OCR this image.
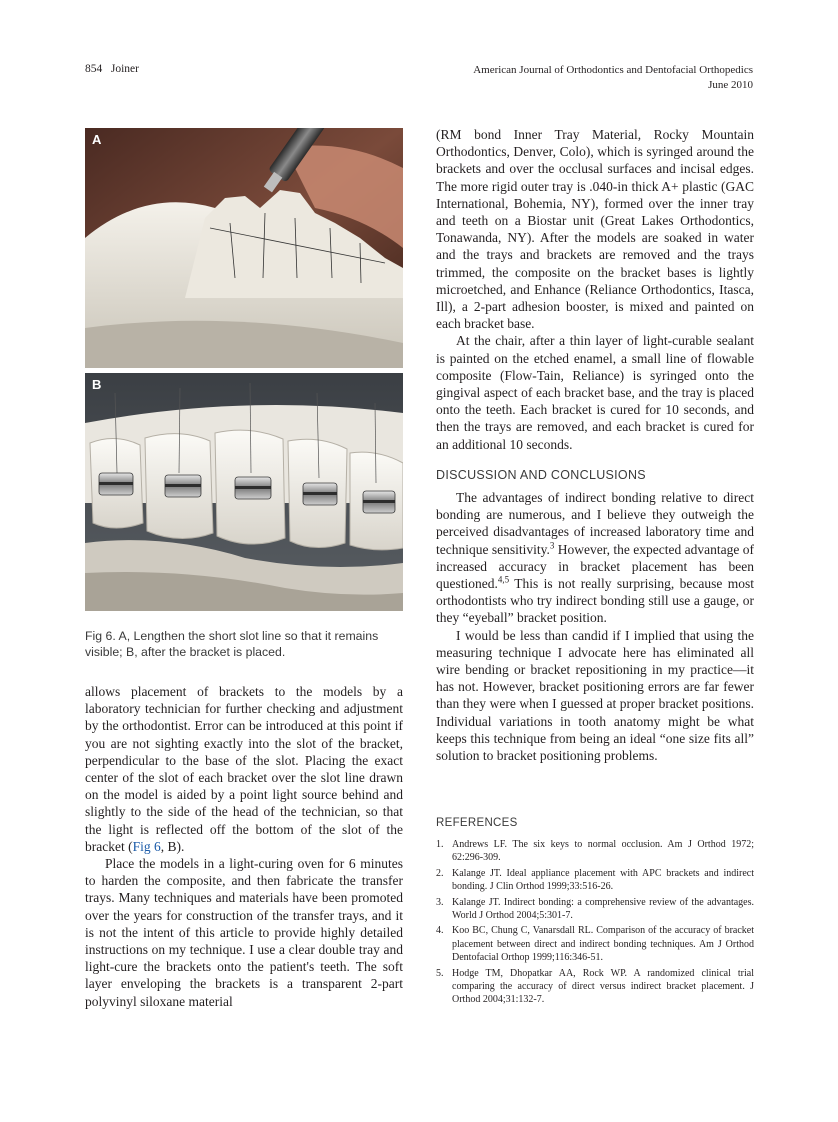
854 Joiner	American Journal of Orthodontics and Dentofacial Orthopedics
June 2010
A
B
Fig 6. A, Lengthen the short slot line so that it remains visible; B, after the bracket is placed.

allows placement of brackets to the models by a laboratory technician for further checking and adjustment by the orthodontist. Error can be introduced at this point if you are not sighting exactly into the slot of the bracket, perpendicular to the base of the slot. Placing the exact center of the slot of each bracket over the slot line drawn on the model is aided by a point light source behind and slightly to the side of the head of the technician, so that the light is reflected off the bottom of the slot of the bracket (Fig 6, B).

Place the models in a light-curing oven for 6 minutes to harden the composite, and then fabricate the transfer trays. Many techniques and materials have been promoted over the years for construction of the transfer trays, and it is not the intent of this article to provide highly detailed instructions on my technique. I use a clear double tray and light-cure the brackets onto the patient's teeth. The soft layer enveloping the brackets is a transparent 2-part polyvinyl siloxane material

(RM bond Inner Tray Material, Rocky Mountain Orthodontics, Denver, Colo), which is syringed around the brackets and over the occlusal surfaces and incisal edges. The more rigid outer tray is .040-in thick A+ plastic (GAC International, Bohemia, NY), formed over the inner tray and teeth on a Biostar unit (Great Lakes Orthodontics, Tonawanda, NY). After the models are soaked in water and the trays and brackets are removed and the trays trimmed, the composite on the bracket bases is lightly microetched, and Enhance (Reliance Orthodontics, Itasca, Ill), a 2-part adhesion booster, is mixed and painted on each bracket base.

At the chair, after a thin layer of light-curable sealant is painted on the etched enamel, a small line of flowable composite (Flow-Tain, Reliance) is syringed onto the gingival aspect of each bracket base, and the tray is placed onto the teeth. Each bracket is cured for 10 seconds, and then the trays are removed, and each bracket is cured for an additional 10 seconds.

DISCUSSION AND CONCLUSIONS

The advantages of indirect bonding relative to direct bonding are numerous, and I believe they outweigh the perceived disadvantages of increased laboratory time and technique sensitivity.$^3$ However, the expected advantage of increased accuracy in bracket placement has been questioned.$^{4,5}$ This is not really surprising, because most orthodontists who try indirect bonding still use a gauge, or they “eyeball” bracket position.

I would be less than candid if I implied that using the measuring technique I advocate here has eliminated all wire bending or bracket repositioning in my practice—it has not. However, bracket positioning errors are far fewer than they were when I guessed at proper bracket positions. Individual variations in tooth anatomy might be what keeps this technique from being an ideal “one size fits all” solution to bracket positioning problems.

REFERENCES
1. Andrews LF. The six keys to normal occlusion. Am J Orthod 1972; 62:296-309.
2. Kalange JT. Ideal appliance placement with APC brackets and indirect bonding. J Clin Orthod 1999;33:516-26.
3. Kalange JT. Indirect bonding: a comprehensive review of the advantages. World J Orthod 2004;5:301-7.
4. Koo BC, Chung C, Vanarsdall RL. Comparison of the accuracy of bracket placement between direct and indirect bonding techniques. Am J Orthod Dentofacial Orthop 1999;116:346-51.
5. Hodge TM, Dhopatkar AA, Rock WP. A randomized clinical trial comparing the accuracy of direct versus indirect bracket placement. J Orthod 2004;31:132-7.
